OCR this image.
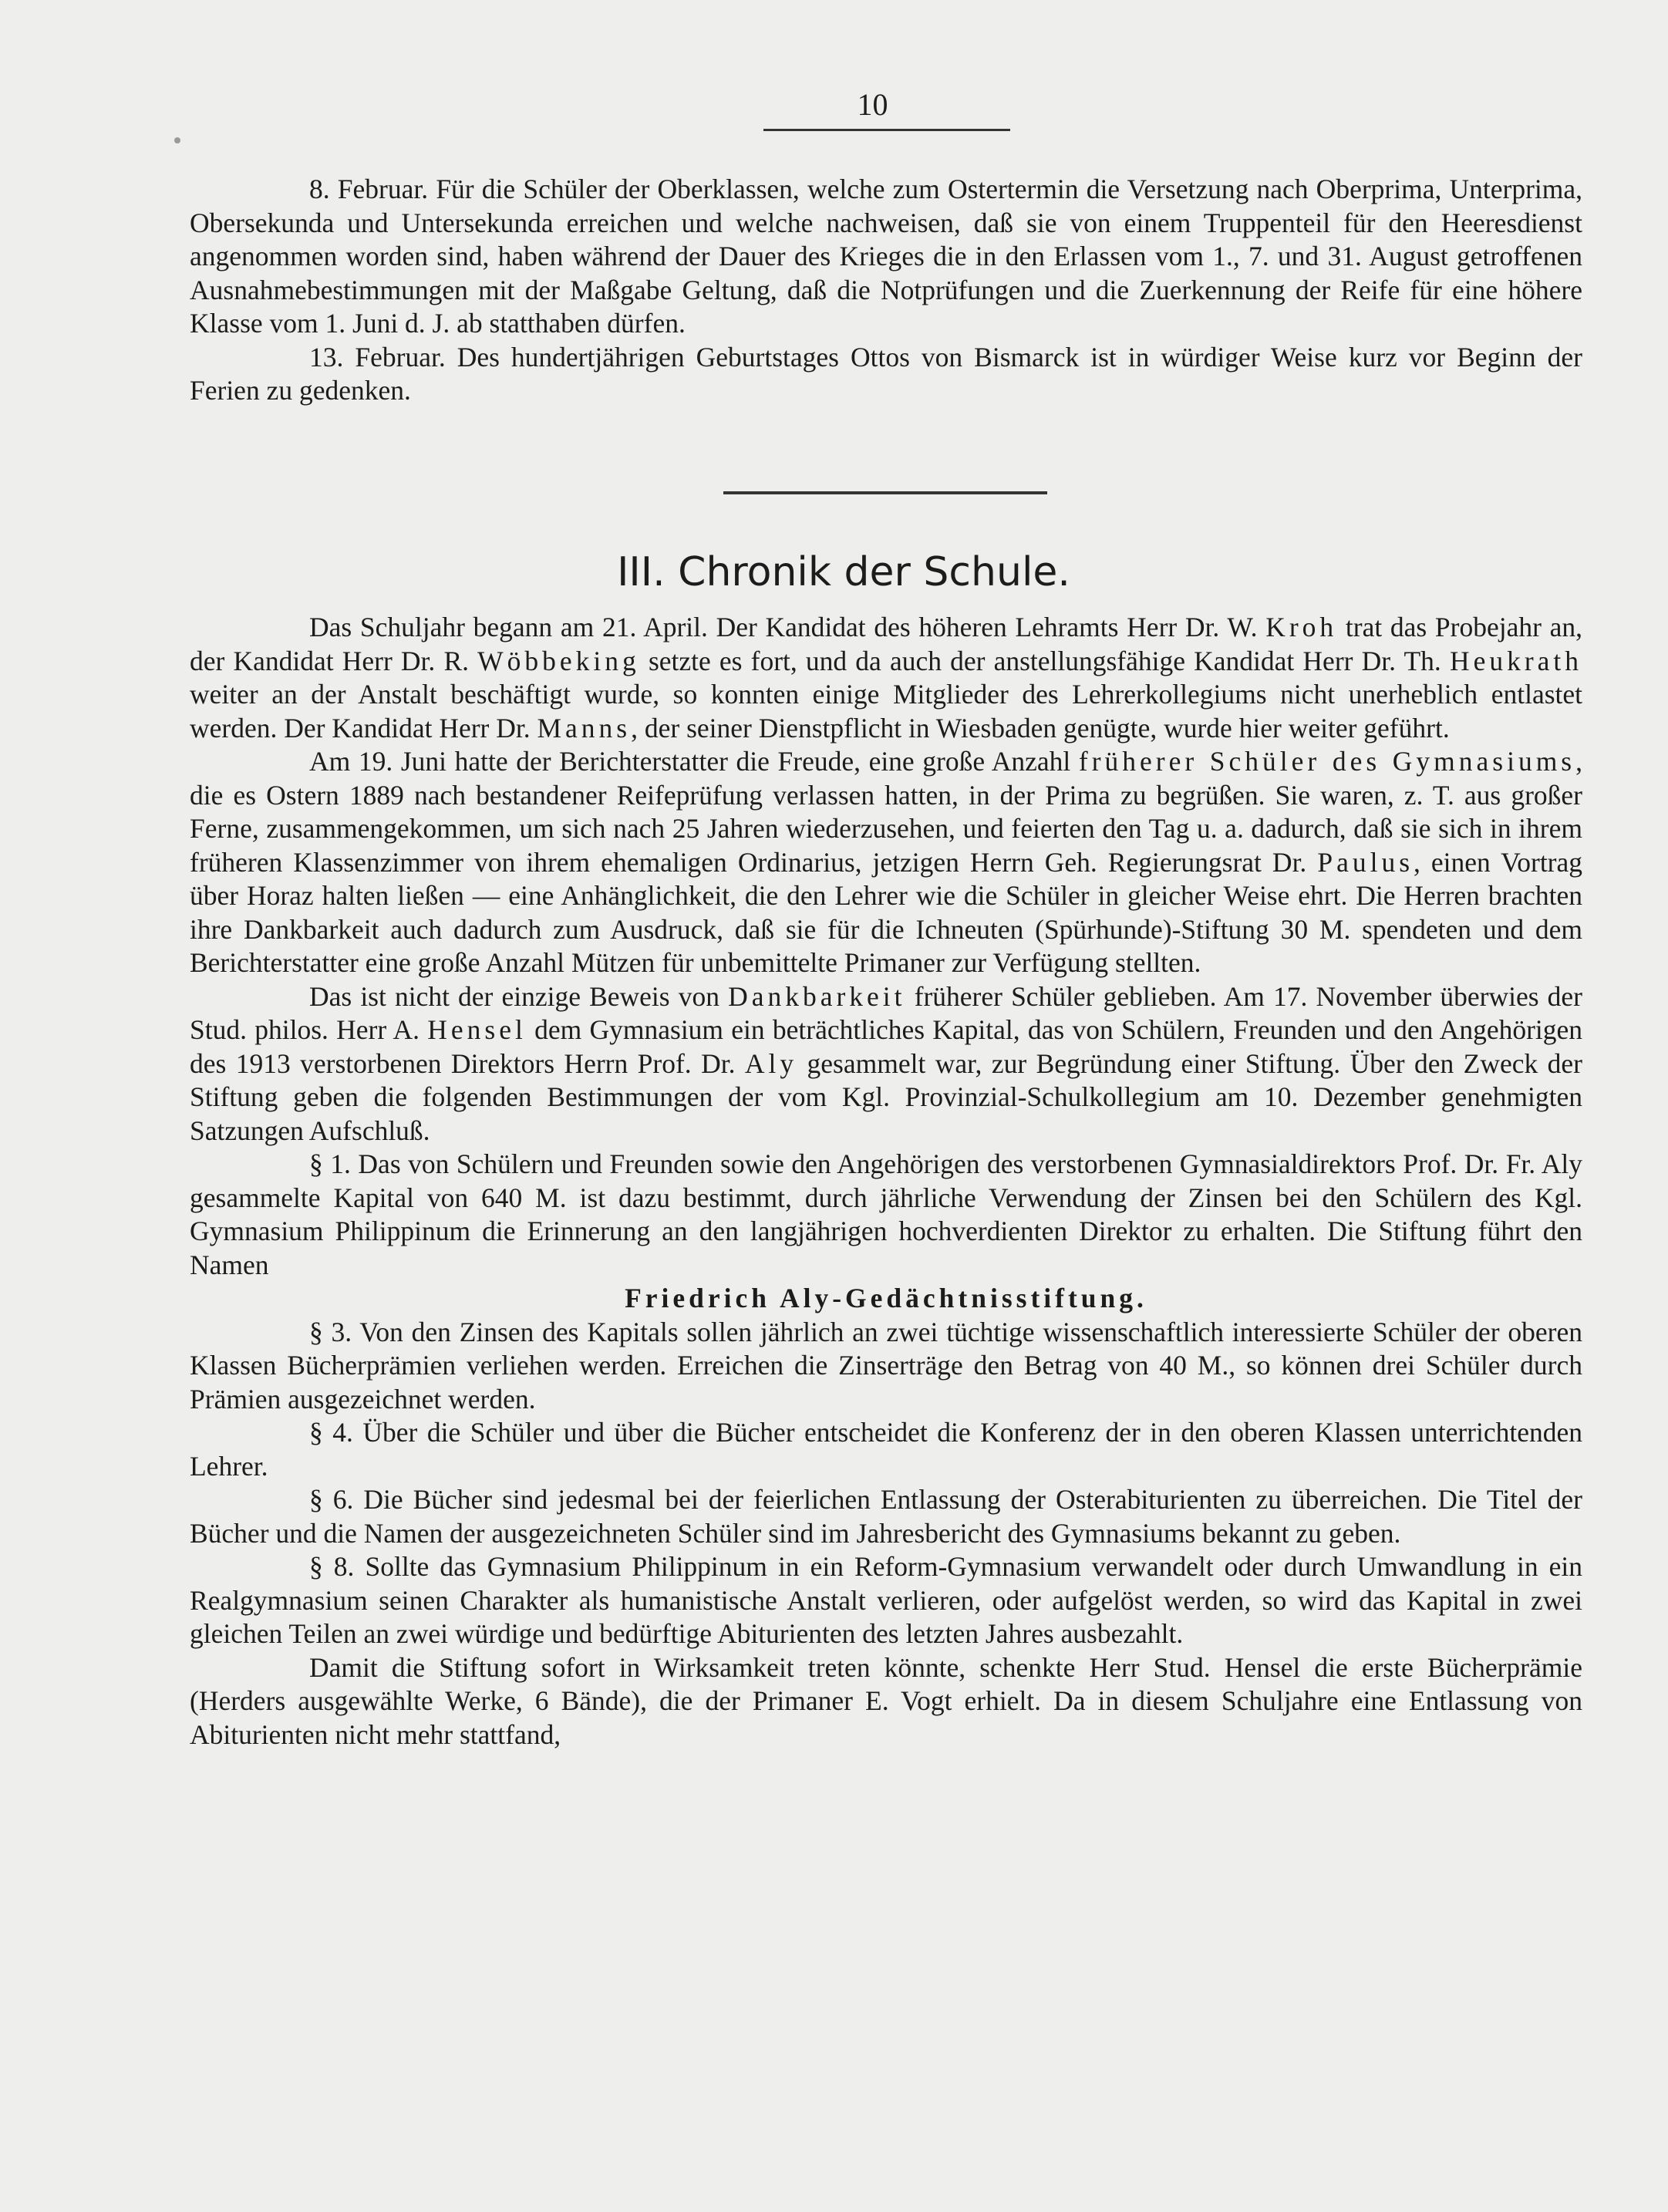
10

8. Februar. Für die Schüler der Oberklassen, welche zum Ostertermin die Versetzung nach Oberprima, Unterprima, Obersekunda und Untersekunda erreichen und welche nachweisen, daß sie von einem Truppenteil für den Heeresdienst angenommen worden sind, haben während der Dauer des Krieges die in den Erlassen vom 1., 7. und 31. August getroffenen Ausnahmebestimmungen mit der Maßgabe Geltung, daß die Notprüfungen und die Zuerkennung der Reife für eine höhere Klasse vom 1. Juni d. J. ab statthaben dürfen.

13. Februar. Des hundertjährigen Geburtstages Ottos von Bismarck ist in würdiger Weise kurz vor Beginn der Ferien zu gedenken.

III. Chronik der Schule.

Das Schuljahr begann am 21. April. Der Kandidat des höheren Lehramts Herr Dr. W. Kroh trat das Probejahr an, der Kandidat Herr Dr. R. Wöbbeking setzte es fort, und da auch der anstellungsfähige Kandidat Herr Dr. Th. Heukrath weiter an der Anstalt beschäftigt wurde, so konnten einige Mitglieder des Lehrerkollegiums nicht unerheblich entlastet werden. Der Kandidat Herr Dr. Manns, der seiner Dienstpflicht in Wiesbaden genügte, wurde hier weiter geführt.

Am 19. Juni hatte der Berichterstatter die Freude, eine große Anzahl früherer Schüler des Gymnasiums, die es Ostern 1889 nach bestandener Reifeprüfung verlassen hatten, in der Prima zu begrüßen. Sie waren, z. T. aus großer Ferne, zusammengekommen, um sich nach 25 Jahren wiederzusehen, und feierten den Tag u. a. dadurch, daß sie sich in ihrem früheren Klassenzimmer von ihrem ehemaligen Ordinarius, jetzigen Herrn Geh. Regierungsrat Dr. Paulus, einen Vortrag über Horaz halten ließen — eine Anhänglichkeit, die den Lehrer wie die Schüler in gleicher Weise ehrt. Die Herren brachten ihre Dankbarkeit auch dadurch zum Ausdruck, daß sie für die Ichneuten (Spürhunde)-Stiftung 30 M. spendeten und dem Berichterstatter eine große Anzahl Mützen für unbemittelte Primaner zur Verfügung stellten.

Das ist nicht der einzige Beweis von Dankbarkeit früherer Schüler geblieben. Am 17. November überwies der Stud. philos. Herr A. Hensel dem Gymnasium ein beträchtliches Kapital, das von Schülern, Freunden und den Angehörigen des 1913 verstorbenen Direktors Herrn Prof. Dr. Aly gesammelt war, zur Begründung einer Stiftung. Über den Zweck der Stiftung geben die folgenden Bestimmungen der vom Kgl. Provinzial-Schulkollegium am 10. Dezember genehmigten Satzungen Aufschluß.

§ 1. Das von Schülern und Freunden sowie den Angehörigen des verstorbenen Gymnasialdirektors Prof. Dr. Fr. Aly gesammelte Kapital von 640 M. ist dazu bestimmt, durch jährliche Verwendung der Zinsen bei den Schülern des Kgl. Gymnasium Philippinum die Erinnerung an den langjährigen hochverdienten Direktor zu erhalten. Die Stiftung führt den Namen

Friedrich Aly-Gedächtnisstiftung.

§ 3. Von den Zinsen des Kapitals sollen jährlich an zwei tüchtige wissenschaftlich interessierte Schüler der oberen Klassen Bücherprämien verliehen werden. Erreichen die Zinserträge den Betrag von 40 M., so können drei Schüler durch Prämien ausgezeichnet werden.

§ 4. Über die Schüler und über die Bücher entscheidet die Konferenz der in den oberen Klassen unterrichtenden Lehrer.

§ 6. Die Bücher sind jedesmal bei der feierlichen Entlassung der Osterabiturienten zu überreichen. Die Titel der Bücher und die Namen der ausgezeichneten Schüler sind im Jahresbericht des Gymnasiums bekannt zu geben.

§ 8. Sollte das Gymnasium Philippinum in ein Reform-Gymnasium verwandelt oder durch Umwandlung in ein Realgymnasium seinen Charakter als humanistische Anstalt verlieren, oder aufgelöst werden, so wird das Kapital in zwei gleichen Teilen an zwei würdige und bedürftige Abiturienten des letzten Jahres ausbezahlt.

Damit die Stiftung sofort in Wirksamkeit treten könnte, schenkte Herr Stud. Hensel die erste Bücherprämie (Herders ausgewählte Werke, 6 Bände), die der Primaner E. Vogt erhielt. Da in diesem Schuljahre eine Entlassung von Abiturienten nicht mehr stattfand,
